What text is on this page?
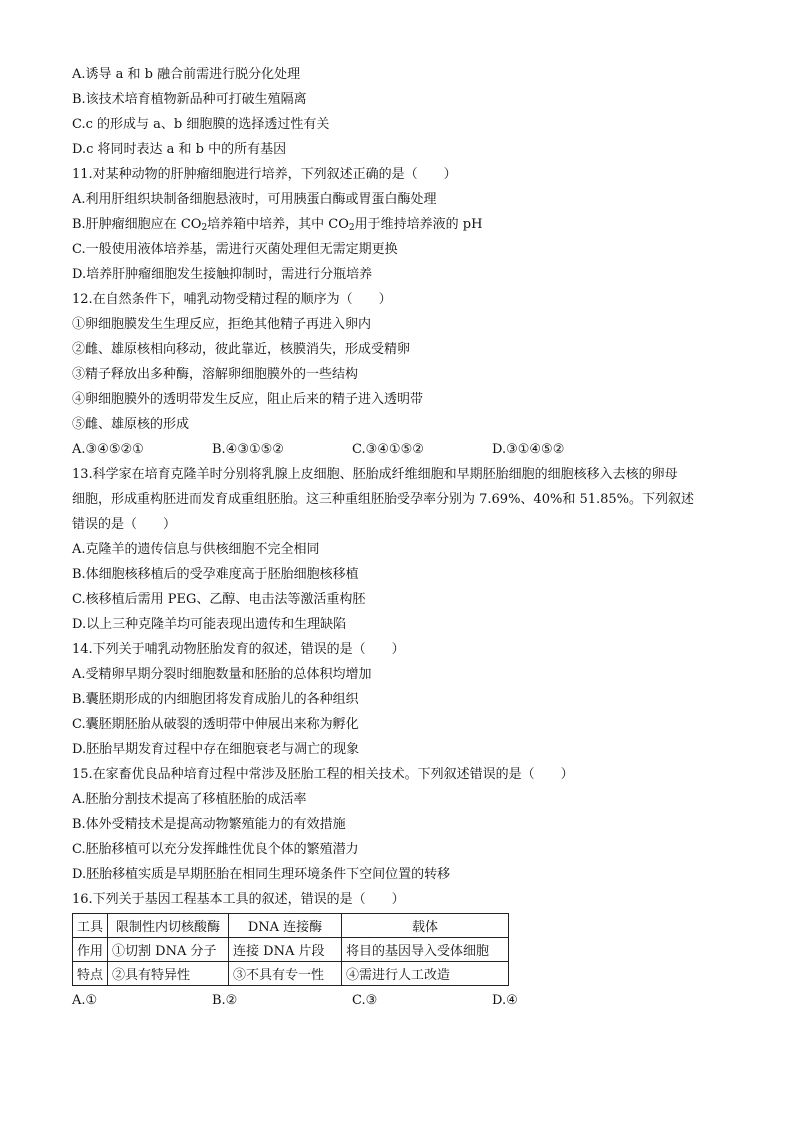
A.诱导 a 和 b 融合前需进行脱分化处理
B.该技术培育植物新品种可打破生殖隔离
C.c 的形成与 a、b 细胞膜的选择透过性有关
D.c 将同时表达 a 和 b 中的所有基因
11.对某种动物的肝肿瘤细胞进行培养，下列叙述正确的是（　　）
A.利用肝组织块制备细胞悬液时，可用胰蛋白酶或胃蛋白酶处理
B.肝肿瘤细胞应在 $CO_2$培养箱中培养，其中 $CO_2$用于维持培养液的 pH
C.一般使用液体培养基，需进行灭菌处理但无需定期更换
D.培养肝肿瘤细胞发生接触抑制时，需进行分瓶培养
12.在自然条件下，哺乳动物受精过程的顺序为（　　）
①卵细胞膜发生生理反应，拒绝其他精子再进入卵内
②雌、雄原核相向移动，彼此靠近，核膜消失，形成受精卵
③精子释放出多种酶，溶解卵细胞膜外的一些结构
④卵细胞膜外的透明带发生反应，阻止后来的精子进入透明带
⑤雌、雄原核的形成
A.③④⑤②①	B.④③①⑤②	C.③④①⑤②	D.③①④⑤②
13.科学家在培育克隆羊时分别将乳腺上皮细胞、胚胎成纤维细胞和早期胚胎细胞的细胞核移入去核的卵母
细胞，形成重构胚进而发育成重组胚胎。这三种重组胚胎受孕率分别为 7.69%、40%和 51.85%。下列叙述
错误的是（　　）
A.克隆羊的遗传信息与供核细胞不完全相同
B.体细胞核移植后的受孕难度高于胚胎细胞核移植
C.核移植后需用 PEG、乙醇、电击法等激活重构胚
D.以上三种克隆羊均可能表现出遗传和生理缺陷
14.下列关于哺乳动物胚胎发育的叙述，错误的是（　　）
A.受精卵早期分裂时细胞数量和胚胎的总体积均增加
B.囊胚期形成的内细胞团将发育成胎儿的各种组织
C.囊胚期胚胎从破裂的透明带中伸展出来称为孵化
D.胚胎早期发育过程中存在细胞衰老与凋亡的现象
15.在家畜优良品种培育过程中常涉及胚胎工程的相关技术。下列叙述错误的是（　　）
A.胚胎分割技术提高了移植胚胎的成活率
B.体外受精技术是提高动物繁殖能力的有效措施
C.胚胎移植可以充分发挥雌性优良个体的繁殖潜力
D.胚胎移植实质是早期胚胎在相同生理环境条件下空间位置的转移
16.下列关于基因工程基本工具的叙述，错误的是（　　）
工具	限制性内切核酸酶	DNA 连接酶	载体
作用	①切割 DNA 分子	连接 DNA 片段	将目的基因导入受体细胞
特点	②具有特异性	③不具有专一性	④需进行人工改造
A.①	B.②	C.③	D.④
